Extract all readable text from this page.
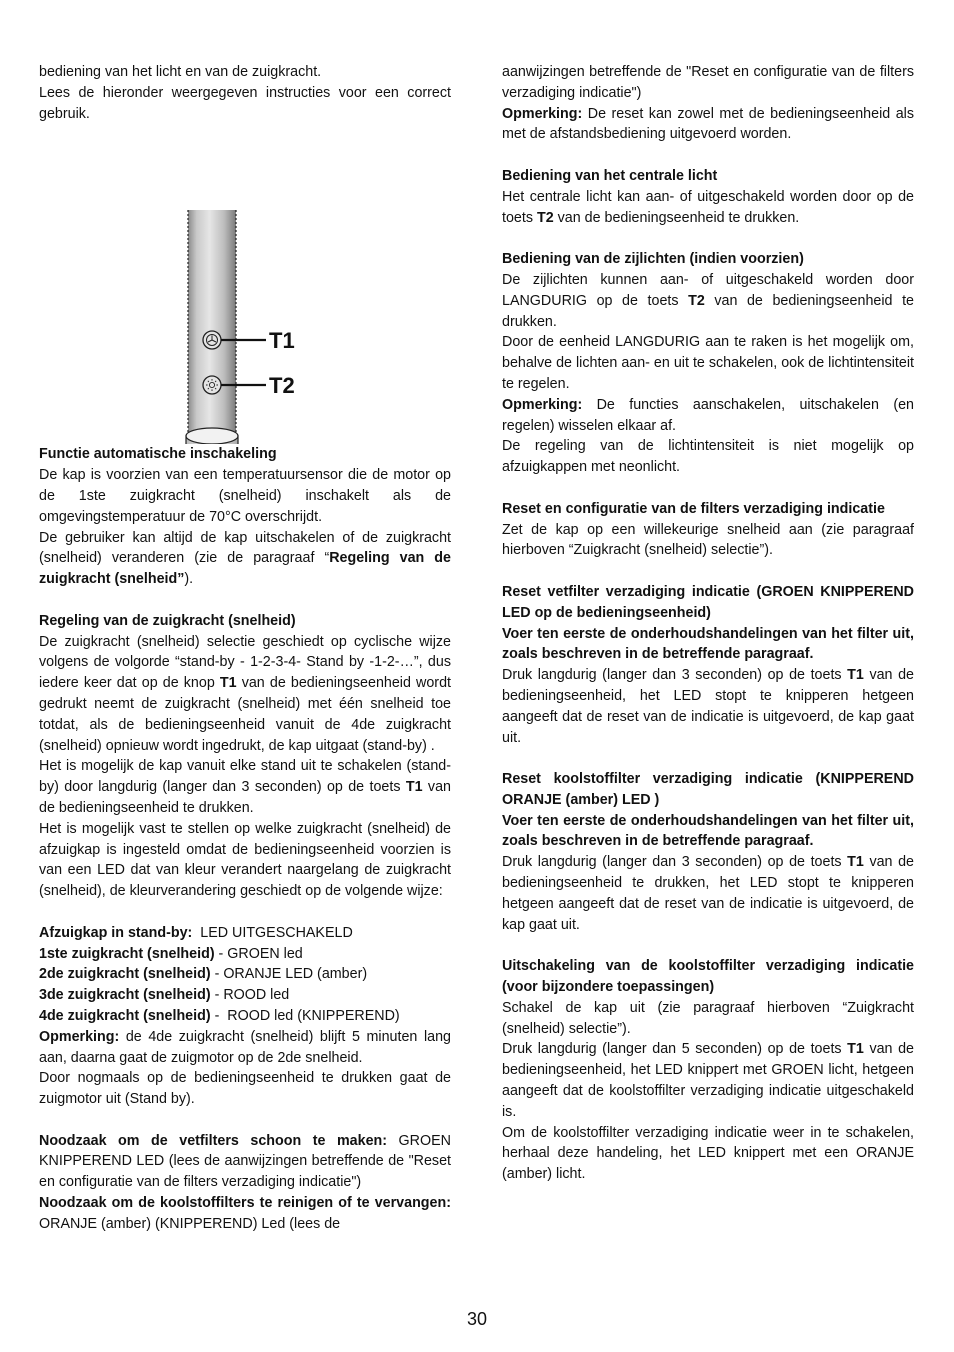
bediening van het licht en van de zuigkracht.

Lees de hieronder weergegeven instructies voor een correct gebruik.

T1
T2

Functie automatische inschakeling

De kap is voorzien van een temperatuursensor die de motor op de 1ste zuigkracht (snelheid) inschakelt als de omgevingstemperatuur de 70°C overschrijdt.

De gebruiker kan altijd de kap uitschakelen of de zuigkracht (snelheid) veranderen (zie de paragraaf “Regeling van de zuigkracht (snelheid”).

Regeling van de zuigkracht (snelheid)

De zuigkracht (snelheid) selectie geschiedt op cyclische wijze volgens de volgorde “stand-by - 1-2-3-4- Stand by -1-2-…”, dus iedere keer dat op de knop T1 van de bedieningseenheid wordt gedrukt neemt de zuigkracht (snelheid) met één snelheid toe totdat, als de bedieningseenheid vanuit de 4de zuigkracht (snelheid) opnieuw wordt ingedrukt, de kap uitgaat (stand-by) .

Het is mogelijk de kap vanuit elke stand uit te schakelen (stand-by) door langdurig (langer dan 3 seconden) op de toets T1 van de bedieningseenheid te drukken.

Het is mogelijk vast te stellen op welke zuigkracht (snelheid) de afzuigkap is ingesteld omdat de bedieningseenheid voorzien is van een LED dat van kleur verandert naargelang de zuigkracht (snelheid), de kleurverandering geschiedt op de volgende wijze:

Afzuigkap in stand-by:  LED UITGESCHAKELD

1ste zuigkracht (snelheid) - GROEN led

2de zuigkracht (snelheid) - ORANJE LED (amber)

3de zuigkracht (snelheid) - ROOD led

4de zuigkracht (snelheid) -  ROOD led (KNIPPEREND)

Opmerking: de 4de zuigkracht (snelheid) blijft 5 minuten lang aan, daarna gaat de zuigmotor op de 2de snelheid.

Door nogmaals op de bedieningseenheid te drukken gaat de zuigmotor uit (Stand by).

Noodzaak om de vetfilters schoon te maken: GROEN KNIPPEREND LED (lees de aanwijzingen betreffende de "Reset en configuratie van de filters verzadiging indicatie")

Noodzaak om de koolstoffilters te reinigen of te vervangen: ORANJE (amber) (KNIPPEREND) Led (lees de

aanwijzingen betreffende de "Reset en configuratie van de filters verzadiging indicatie")

Opmerking: De reset kan zowel met de bedieningseenheid als met de afstandsbediening uitgevoerd worden.

Bediening van het centrale licht

Het centrale licht kan aan- of uitgeschakeld worden door op de toets T2 van de bedieningseenheid te drukken.

Bediening van de zijlichten (indien voorzien)

De zijlichten kunnen aan- of uitgeschakeld worden door LANGDURIG op de toets T2 van de bedieningseenheid te drukken.

Door de eenheid LANGDURIG aan te raken is het mogelijk om, behalve de lichten aan- en uit te schakelen, ook de lichtintensiteit te regelen.

Opmerking: De functies aanschakelen, uitschakelen (en regelen) wisselen elkaar af.

De regeling van de lichtintensiteit is niet mogelijk op afzuigkappen met neonlicht.

Reset en configuratie van de filters verzadiging indicatie

Zet de kap op een willekeurige snelheid aan (zie paragraaf hierboven “Zuigkracht (snelheid) selectie”).

Reset vetfilter verzadiging indicatie (GROEN KNIPPEREND LED op de bedieningseenheid)

Voer ten eerste de onderhoudshandelingen van het filter uit, zoals beschreven in de betreffende paragraaf.

Druk langdurig (langer dan 3 seconden) op de toets T1 van de bedieningseenheid, het LED stopt te knipperen hetgeen aangeeft dat de reset van de indicatie is uitgevoerd, de kap gaat uit.

Reset koolstoffilter verzadiging indicatie (KNIPPEREND ORANJE (amber) LED )

Voer ten eerste de onderhoudshandelingen van het filter uit, zoals beschreven in de betreffende paragraaf.

Druk langdurig (langer dan 3 seconden) op de toets T1 van de bedieningseenheid te drukken, het LED stopt te knipperen hetgeen aangeeft dat de reset van de indicatie is uitgevoerd, de kap gaat uit.

Uitschakeling van de koolstoffilter verzadiging indicatie (voor bijzondere toepassingen)

Schakel de kap uit (zie paragraaf hierboven “Zuigkracht (snelheid) selectie”).

Druk langdurig (langer dan 5 seconden) op de toets T1 van de bedieningseenheid, het LED knippert met GROEN licht, hetgeen aangeeft dat de koolstoffilter verzadiging indicatie uitgeschakeld is.

Om de koolstoffilter verzadiging indicatie weer in te schakelen, herhaal deze handeling, het LED knippert met een ORANJE (amber) licht.

30
